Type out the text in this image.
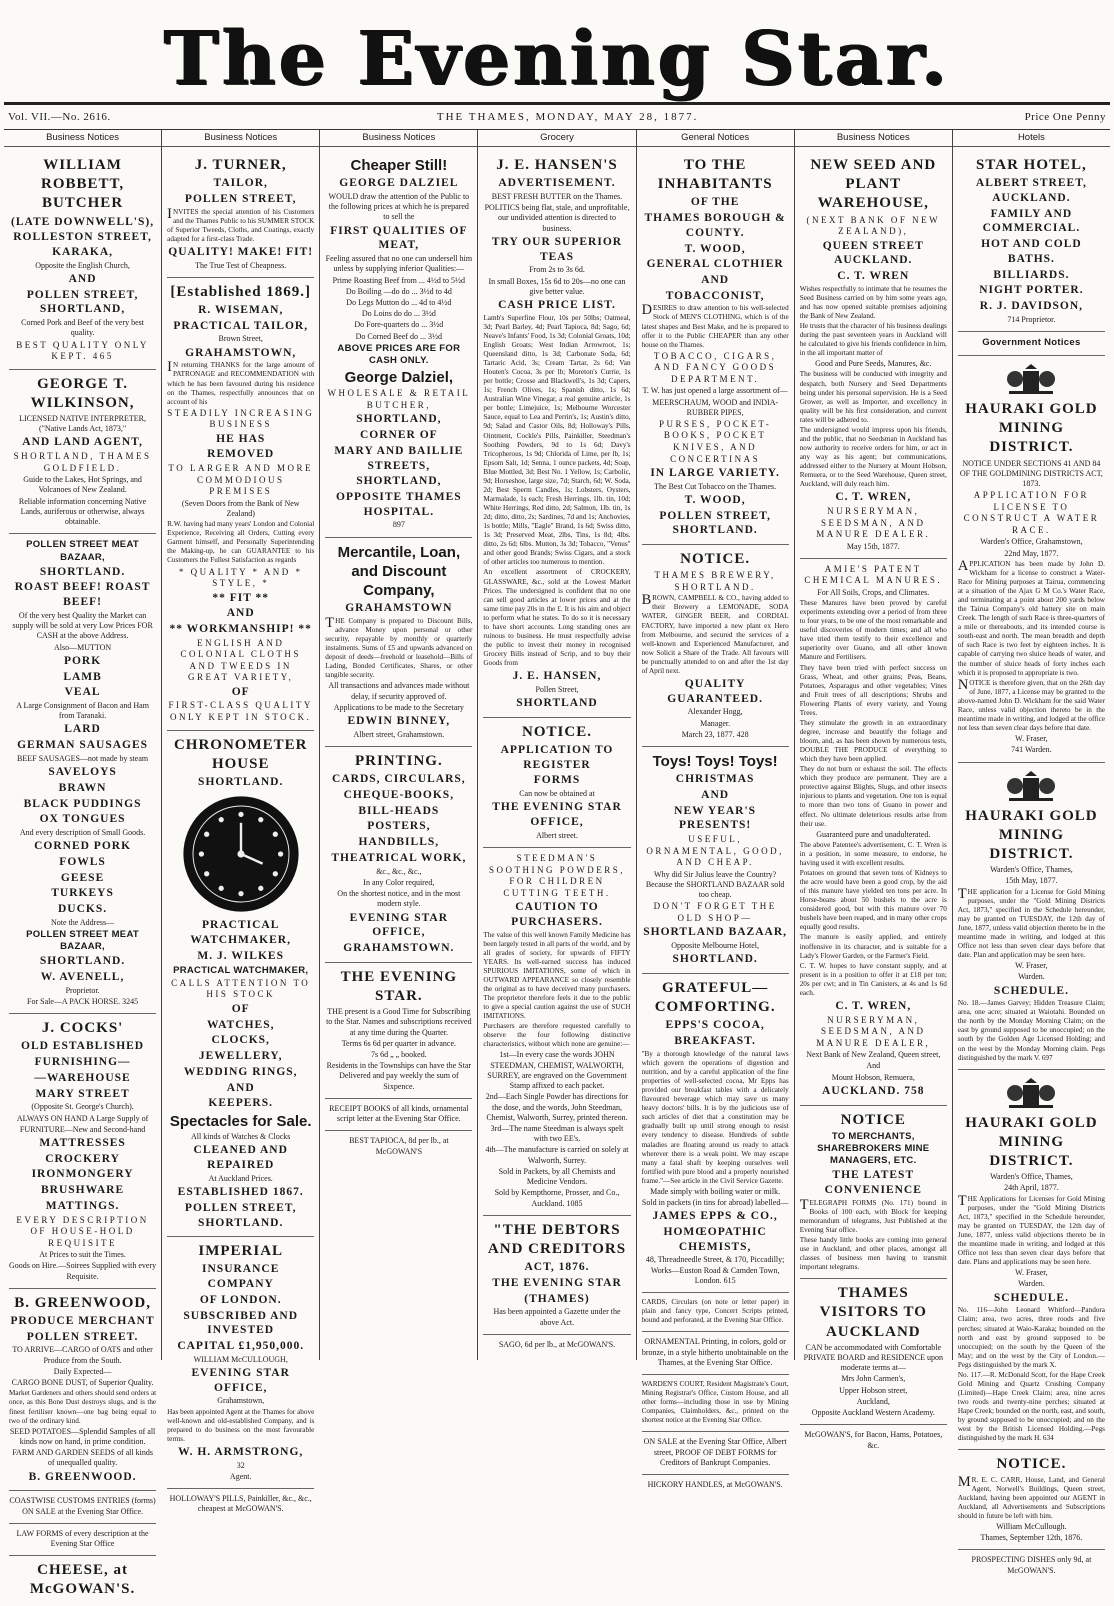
The Evening Star.
Vol. VII.—No. 2616.	THE THAMES, MONDAY, MAY 28, 1877.	Price One Penny
Business Notices

WILLIAM ROBBETT, BUTCHER

(LATE DOWNWELL'S),

ROLLESTON STREET, KARAKA,

Opposite the English Church,

AND

POLLEN STREET, SHORTLAND,

Corned Pork and Beef of the very best quality.

BEST QUALITY ONLY KEPT. 465

GEORGE T. WILKINSON,

LICENSED NATIVE INTERPRETER, ("Native Lands Act, 1873,"

AND LAND AGENT,

SHORTLAND, THAMES GOLDFIELD.

Guide to the Lakes, Hot Springs, and Volcanoes of New Zealand.

Reliable information concerning Native Lands, auriferous or otherwise, always obtainable.

POLLEN STREET MEAT BAZAAR,

SHORTLAND.

ROAST BEEF! ROAST BEEF!

Of the very best Quality the Market can supply will be sold at very Low Prices FOR CASH at the above Address.

Also—MUTTON

PORK

LAMB

VEAL

A Large Consignment of Bacon and Ham from Taranaki.

LARD

GERMAN SAUSAGES

BEEF SAUSAGES—not made by steam

SAVELOYS

BRAWN

BLACK PUDDINGS

OX TONGUES

And every description of Small Goods.

CORNED PORK

FOWLS

GEESE

TURKEYS

DUCKS.

Note the Address—

POLLEN STREET MEAT BAZAAR,

SHORTLAND.

W. AVENELL,

Proprietor.

For Sale—A PACK HORSE. 3245

J. COCKS'

OLD ESTABLISHED

FURNISHING—

—WAREHOUSE

MARY STREET

(Opposite St. George's Church).

ALWAYS ON HAND A Large Supply of

FURNITURE—New and Second-hand

MATTRESSES

CROCKERY

IRONMONGERY

BRUSHWARE

MATTINGS.

EVERY DESCRIPTION OF HOUSE-HOLD REQUISITE

At Prices to suit the Times.

Goods on Hire.—Soirees Supplied with every Requisite.

B. GREENWOOD,

PRODUCE MERCHANT

POLLEN STREET.

TO ARRIVE—CARGO of OATS and other Produce from the South.

Daily Expected—

CARGO BONE DUST, of Superior Quality.

Market Gardeners and others should send orders at once, as this Bone Dust destroys slugs, and is the finest fertiliser known—one bag being equal to two of the ordinary kind.

SEED POTATOES—Splendid Samples of all kinds now on hand, in prime condition.

FARM AND GARDEN SEEDS of all kinds of unequalled quality.

B. GREENWOOD.

COASTWISE CUSTOMS ENTRIES (forms) ON SALE at the Evening Star Office.

LAW FORMS of every description at the Evening Star Office

CHEESE, at McGOWAN'S.

Business Notices

J. TURNER,

TAILOR,

POLLEN STREET,

INVITES the special attention of his Customers and the Thames Public to his SUMMER STOCK of Superior Tweeds, Cloths, and Coatings, exactly adapted for a first-class Trade.

QUALITY! MAKE! FIT!

The True Test of Cheapness.

[Established 1869.]

R. WISEMAN,

PRACTICAL TAILOR,

Brown Street,

GRAHAMSTOWN,

IN returning THANKS for the large amount of PATRONAGE and RECOMMENDATION with which he has been favoured during his residence on the Thames, respectfully announces that on account of his

STEADILY INCREASING BUSINESS

HE HAS

REMOVED

TO LARGER AND MORE COMMODIOUS PREMISES

(Seven Doors from the Bank of New Zealand)

R.W. having had many years' London and Colonial Experience, Receiving all Orders, Cutting every Garment himself, and Personally Superintending the Making-up, he can GUARANTEE to his Customers the Fullest Satisfaction as regards

* QUALITY * AND * STYLE, *

** FIT **

AND

** WORKMANSHIP! **

ENGLISH AND COLONIAL CLOTHS AND TWEEDS IN GREAT VARIETY,

OF

FIRST-CLASS QUALITY ONLY KEPT IN STOCK.

CHRONOMETER HOUSE

SHORTLAND.

PRACTICAL

WATCHMAKER,

M. J. WILKES

PRACTICAL WATCHMAKER,

CALLS ATTENTION TO HIS STOCK

OF

WATCHES,

CLOCKS,

JEWELLERY,

WEDDING RINGS,

AND

KEEPERS.

Spectacles for Sale.

All kinds of Watches & Clocks

CLEANED AND REPAIRED

At Auckland Prices.

ESTABLISHED 1867.

POLLEN STREET, SHORTLAND.

IMPERIAL

INSURANCE COMPANY

OF LONDON.

SUBSCRIBED AND INVESTED

CAPITAL £1,950,000.

WILLIAM McCULLOUGH,

EVENING STAR OFFICE,

Grahamstown,

Has been appointed Agent at the Thames for above well-known and old-established Company, and is prepared to do business on the most favourable terms.

W. H. ARMSTRONG,

32

Agent.

HOLLOWAY'S PILLS, Painkiller, &c., &c., cheapest at McGOWAN'S.

Business Notices

Cheaper Still!

GEORGE DALZIEL

WOULD draw the attention of the Public to the following prices at which he is prepared to sell the

FIRST QUALITIES OF MEAT,

Feeling assured that no one can undersell him unless by supplying inferior Qualities:—

Prime Roasting Beef from ... 4½d to 5½d

Do Boiling —do do ... 3½d to 4d

Do Legs Mutton do ... 4d to 4½d

Do Loins do do ... 3½d

Do Fore-quarters do ... 3½d

Do Corned Beef do ... 3½d

ABOVE PRICES ARE FOR CASH ONLY.

George Dalziel,

WHOLESALE & RETAIL BUTCHER,

SHORTLAND,

CORNER OF

MARY AND BAILLIE STREETS,

SHORTLAND,

OPPOSITE THAMES HOSPITAL.

897

Mercantile, Loan, and Discount Company,

GRAHAMSTOWN

THE Company is prepared to Discount Bills, advance Money upon personal or other security, repayable by monthly or quarterly instalments. Sums of £5 and upwards advanced on deposit of deeds—freehold or leasehold—Bills of Lading, Bonded Certificates, Shares, or other tangible security.

All transactions and advances made without delay, if security approved of.

Applications to be made to the Secretary

EDWIN BINNEY,

Albert street, Grahamstown.

PRINTING.

CARDS, CIRCULARS,

CHEQUE-BOOKS,

BILL-HEADS

POSTERS,

HANDBILLS,

THEATRICAL WORK,

&c., &c., &c.,

In any Color required,

On the shortest notice, and in the most modern style.

EVENING STAR OFFICE,

GRAHAMSTOWN.

THE EVENING STAR.

THE present is a Good Time for Subscribing to the Star. Names and subscriptions received at any time during the Quarter.

Terms 6s 6d per quarter in advance.

7s 6d „ „ booked.

Residents in the Townships can have the Star Delivered and pay weekly the sum of Sixpence.

RECEIPT BOOKS of all kinds, ornamental script letter at the Evening Star Office.

BEST TAPIOCA, 8d per lb., at McGOWAN'S

Grocery

J. E. HANSEN'S

ADVERTISEMENT.

BEST FRESH BUTTER on the Thames.

POLITICS being flat, stale, and unprofitable, our undivided attention is directed to business.

TRY OUR SUPERIOR TEAS

From 2s to 3s 6d.

In small Boxes, 15s 6d to 20s—no one can give better value.

CASH PRICE LIST.

Lamb's Superfine Flour, 10s per 50lbs; Oatmeal, 3d; Pearl Barley, 4d; Pearl Tapioca, 8d; Sago, 6d; Neave's Infants' Food, 1s 3d; Colonial Groats, 10d; English Groats; West Indian Arrowroot, 1s; Queensland ditto, 1s 3d; Carbonate Soda, 6d; Tartaric Acid, 3s; Cream Tartar, 2s 6d; Van Houten's Cocoa, 3s per lb; Moreton's Currie, 1s per bottle; Crosse and Blackwell's, 1s 3d; Capers, 1s; French Olives, 1s; Spanish ditto, 1s 6d; Australian Wine Vinegar, a real genuine article, 1s per bottle; Limejuice, 1s; Melbourne Worcester Sauce, equal to Lea and Perrin's, 1s; Austin's ditto, 9d; Salad and Castor Oils, 8d; Holloway's Pills, Ointment, Cockle's Pills, Painkiller, Steedman's Soothing Powders, 9d to 1s 6d; Davy's Tricopherous, 1s 9d; Chlorida of Lime, per lb, 1s; Epsom Salt, 1d; Senna, 1 ounce packets, 4d; Soap, Blue Mottled, 3d; Best No. 1 Yellow, 1s; Carbolic, 9d; Horseshoe, large size, 7d; Starch, 6d; W. Soda, 2d; Best Sperm Candles, 1s; Lobsters, Oysters, Marmalade, 1s each; Fresh Herrings, 1lb. tin, 10d; White Herrings, Red ditto, 2d; Salmon, 1lb. tin, 1s 2d; ditto, ditto, 2s; Sardines, 7d and 1s; Anchovies, 1s bottle; Mills, "Eagle" Brand, 1s 6d; Swiss ditto, 1s 3d; Preserved Meat, 2lbs, Tins, 1s 8d; 4lbs. ditto, 2s 6d; 6lbs. Mutton, 3s 3d; Tobacco, "Venus" and other good Brands; Swiss Cigars, and a stock of other articles too numerous to mention.

An excellent assortment of CROCKERY, GLASSWARE, &c., sold at the Lowest Market Prices. The undersigned is confident that no one can sell good articles at lower prices and at the same time pay 20s in the £. It is his aim and object to perform what he states. To do so it is necessary to have short accounts. Long standing ones are ruinous to business. He must respectfully advise the public to invest their money in recognised Grocery Bills instead of Scrip, and to buy their Goods from

J. E. HANSEN,

Pollen Street,

SHORTLAND

NOTICE.

APPLICATION TO REGISTER

FORMS

Can now be obtained at

THE EVENING STAR OFFICE,

Albert street.

STEEDMAN'S SOOTHING POWDERS, FOR CHILDREN CUTTING TEETH.

CAUTION TO PURCHASERS.

The value of this well known Family Medicine has been largely tested in all parts of the world, and by all grades of society, for upwards of FIFTY YEARS. Its well-earned success has induced SPURIOUS IMITATIONS, some of which in OUTWARD APPEARANCE so closely resemble the original as to have deceived many purchasers. The proprietor therefore feels it due to the public to give a special caution against the use of SUCH IMITATIONS.

Purchasers are therefore requested carefully to observe the four following distinctive characteristics, without which none are genuine:—

1st—In every case the words JOHN STEEDMAN, CHEMIST, WALWORTH, SURREY, are engraved on the Government Stamp affixed to each packet.

2nd—Each Single Powder has directions for the dose, and the words, John Steedman, Chemist, Walworth, Surrey, printed thereon.

3rd—The name Steedman is always spelt with two EE's.

4th—The manufacture is carried on solely at Walworth, Surrey.

Sold in Packets, by all Chemists and Medicine Vendors.

Sold by Kempthorne, Prosser, and Co., Auckland. 1085

"THE DEBTORS AND CREDITORS

ACT, 1876.

THE EVENING STAR

(THAMES)

Has been appointed a Gazette under the above Act.

SAGO, 6d per lb., at McGOWAN'S.

General Notices

TO THE INHABITANTS

OF THE

THAMES BOROUGH & COUNTY.

T. WOOD,

GENERAL CLOTHIER

AND

TOBACCONIST,

DESIRES to draw attention to his well-selected Stock of MEN'S CLOTHING, which is of the latest shapes and Best Make, and he is prepared to offer it to the Public CHEAPER than any other house on the Thames.

TOBACCO, CIGARS, AND FANCY GOODS DEPARTMENT.

T. W. has just opened a large assortment of—

MEERSCHAUM, WOOD and INDIA-RUBBER PIPES,

PURSES, POCKET-BOOKS, POCKET KNIVES, AND CONCERTINAS

IN LARGE VARIETY.

The Best Cut Tobacco on the Thames.

T. WOOD,

POLLEN STREET, SHORTLAND.

NOTICE.

THAMES BREWERY, SHORTLAND.

BROWN, CAMPBELL & CO., having added to their Brewery a LEMONADE, SODA WATER, GINGER BEER, and CORDIAL FACTORY, have imported a new plant ex Hero from Melbourne, and secured the services of a well-known and Experienced Manufacturer, and now Solicit a Share of the Trade. All favours will be punctually attended to on and after the 1st day of April next.

QUALITY GUARANTEED.

Alexander Hogg,

Manager.

March 23, 1877. 428

Toys! Toys! Toys!

CHRISTMAS

AND

NEW YEAR'S PRESENTS!

USEFUL, ORNAMENTAL, GOOD, AND CHEAP.

Why did Sir Julius leave the Country? Because the SHORTLAND BAZAAR sold too cheap.

DON'T FORGET THE OLD SHOP—

SHORTLAND BAZAAR,

Opposite Melbourne Hotel,

SHORTLAND.

GRATEFUL—COMFORTING.

EPPS'S COCOA,

BREAKFAST.

"By a thorough knowledge of the natural laws which govern the operations of digestion and nutrition, and by a careful application of the fine properties of well-selected cocoa, Mr Epps has provided our breakfast tables with a delicately flavoured beverage which may save us many heavy doctors' bills. It is by the judicious use of such articles of diet that a constitution may be gradually built up until strong enough to resist every tendency to disease. Hundreds of subtle maladies are floating around us ready to attack wherever there is a weak point. We may escape many a fatal shaft by keeping ourselves well fortified with pure blood and a properly nourished frame."—See article in the Civil Service Gazette.

Made simply with boiling water or milk.

Sold in packets (in tins for abroad) labelled—

JAMES EPPS & CO.,

HOMŒOPATHIC CHEMISTS,

48, Threadneedle Street, & 170, Piccadilly; Works—Euston Road & Camden Town, London. 615

CARDS, Circulars (on note or letter paper) in plain and fancy type, Concert Scripts printed, bound and perforated, at the Evening Star Office.

ORNAMENTAL Printing, in colors, gold or bronze, in a style hitherto unobtainable on the Thames, at the Evening Star Office.

WARDEN'S COURT, Resident Magistrate's Court, Mining Registrar's Office, Custom House, and all other forms—including those in use by Mining Companies, Claimholders, &c., printed on the shortest notice at the Evening Star Office.

ON SALE at the Evening Star Office, Albert street, PROOF OF DEBT FORMS for Creditors of Bankrupt Companies.

HICKORY HANDLES, at McGOWAN'S.

Business Notices

NEW SEED AND PLANT WAREHOUSE,

(NEXT BANK OF NEW ZEALAND),

QUEEN STREET AUCKLAND.

C. T. WREN

Wishes respectfully to intimate that he resumes the Seed Business carried on by him some years ago, and has now opened suitable premises adjoining the Bank of New Zealand.

He trusts that the character of his business dealings during the past seventeen years in Auckland will be calculated to give his friends confidence in him, in the all important matter of

Good and Pure Seeds, Manures, &c.

The business will be conducted with integrity and despatch, both Nursery and Seed Departments being under his personal supervision. He is a Seed Grower, as well as Importer, and excellency in quality will be his first consideration, and current rates will be adhered to.

The undersigned would impress upon his friends, and the public, that no Seedsman in Auckland has now authority to receive orders for him, or act in any way as his agent; but communications, addressed either to the Nursery at Mount Hobson, Remuera, or to the Seed Warehouse, Queen street, Auckland, will duly reach him.

C. T. WREN,

NURSERYMAN, SEEDSMAN, AND MANURE DEALER.

May 15th, 1877.

AMIE'S PATENT CHEMICAL MANURES.

For All Soils, Crops, and Climates.

These Manures have been proved by careful experiments extending over a period of from three to four years, to be one of the most remarkable and useful discoveries of modern times; and all who have tried them testify to their excellence and superiority over Guano, and all other known Manure and Fertilisers.

They have been tried with perfect success on Grass, Wheat, and other grains; Peas, Beans, Potatoes, Asparagus and other vegetables; Vines and Fruit trees of all descriptions; Shrubs and Flowering Plants of every variety, and Young Trees.

They stimulate the growth in an extraordinary degree, increase and beautify the foliage and bloom, and, as has been shown by numerous tests, DOUBLE THE PRODUCE of everything to which they have been applied.

They do not burn or exhaust the soil. The effects which they produce are permanent. They are a protective against Blights, Slugs, and other insects injurious to plants and vegetation. One ton is equal to more than two tons of Guano in power and effect. No ultimate deleterious results arise from their use.

Guaranteed pure and unadulterated.

The above Patentee's advertisement, C. T. Wren is in a position, in some measure, to endorse, he having used it with excellent results.

Potatoes on ground that seven tons of Kidneys to the acre would have been a good crop, by the aid of this manure have yielded ten tons per acre. In Horse-beans about 50 bushels to the acre is considered good, but with this manure over 70 bushels have been reaped, and in many other crops equally good results.

The manure is easily applied, and entirely inoffensive in its character, and is suitable for a Lady's Flower Garden, or the Farmer's Field.

C. T. W. hopes to have constant supply, and at present is in a position to offer it at £18 per ton; 20s per cwt; and in Tin Canisters, at 4s and 1s 6d each.

C. T. WREN,

NURSERYMAN, SEEDSMAN, AND MANURE DEALER,

Next Bank of New Zealand, Queen street,

And

Mount Hobson, Remuera,

AUCKLAND. 758

NOTICE

TO MERCHANTS, SHAREBROKERS MINE MANAGERS, ETC.

THE LATEST CONVENIENCE

TELEGRAPH FORMS (No. 171) bound in Books of 100 each, with Block for keeping memorandum of telegrams, Just Published at the Evening Star office.

These handy little books are coming into general use in Auckland, and other places, amongst all classes of business men having to transmit important telegrams.

THAMES VISITORS TO AUCKLAND

CAN be accommodated with Comfortable PRIVATE BOARD and RESIDENCE upon moderate terms at—

Mrs John Carmen's,

Upper Hobson street,

Auckland,

Opposite Auckland Western Academy.

McGOWAN'S, for Bacon, Hams, Potatoes, &c.

Hotels

STAR HOTEL,

ALBERT STREET, AUCKLAND.

FAMILY AND COMMERCIAL.

HOT AND COLD BATHS.

BILLIARDS.

NIGHT PORTER.

R. J. DAVIDSON,

714 Proprietor.

Government Notices

HAURAKI GOLD MINING DISTRICT.

NOTICE UNDER SECTIONS 41 AND 84 OF THE GOLDMINING DISTRICTS ACT, 1873.

APPLICATION FOR LICENSE TO CONSTRUCT A WATER RACE.

Warden's Office, Grahamstown,

22nd May, 1877.

APPLICATION has been made by John D. Wickham for a license to construct a Water-Race for Mining purposes at Tairua, commencing at a situation of the Ajax G M Co.'s Water Race, and terminating at a point about 200 yards below the Tairua Company's old battery site on main Creek. The length of such Race is three-quarters of a mile or thereabouts, and its intended course is south-east and north. The mean breadth and depth of such Race is two feet by eighteen inches. It is capable of carrying two sluice heads of water, and the number of sluice heads of forty inches each which it is proposed to appropriate is two.

NOTICE is therefore given, that on the 26th day of June, 1877, a License may be granted to the above-named John D. Wickham for the said Water Race, unless valid objection thereto be in the meantime made in writing, and lodged at the office not less than seven clear days before that date.

W. Fraser,

741 Warden.

HAURAKI GOLD MINING DISTRICT.

Warden's Office, Thames,

15th May, 1877.

THE application for a License for Gold Mining purposes, under the "Gold Mining Districts Act, 1873," specified in the Schedule hereunder, may be granted on TUESDAY, the 12th day of June, 1877, unless valid objection thereto be in the meantime made in writing, and lodged at this Office not less than seven clear days before that date. Plan and application may be seen here.

W. Fraser,

Warden.

SCHEDULE.

No. 18.—James Garvey; Hidden Treasure Claim; area, one acre; situated at Waiotahi. Bounded on the north by the Monday Morning Claim; on the east by ground supposed to be unoccupied; on the south by the Golden Age Licensed Holding; and on the west by the Monday Morning claim. Pegs distinguished by the mark V. 697

HAURAKI GOLD MINING DISTRICT.

Warden's Office, Thames,

24th April, 1877.

THE Applications for Licenses for Gold Mining purposes, under the "Gold Mining Districts Act, 1873," specified in the Schedule hereunder, may be granted on TUESDAY, the 12th day of June, 1877, unless valid objections thereto be in the meantime made in writing, and lodged at this Office not less than seven clear days before that date. Plans and applications may be seen here.

W. Fraser,

Warden.

SCHEDULE.

No. 116—John Leonard Whitford—Pandora Claim; area, two acres, three roods and five perches; situated at Waio-Karaka; bounded on the north and east by ground supposed to be unoccupied; on the south by the Queen of the May; and on the west by the City of London.—Pegs distinguished by the mark X.

No. 117.—R. McDonald Scott, for the Hape Creek Gold Mining and Quartz Crushing Company (Limited)—Hape Creek Claim; area, nine acres two roods and twenty-nine perches; situated at Hape Creek; bounded on the north, east, and south, by ground supposed to be unoccupied; and on the west by the British Licensed Holding.—Pegs distinguished by the mark H. 634

NOTICE.

MR. E. C. CARR, House, Land, and General Agent, Norwell's Buildings, Queen street, Auckland, having been appointed our AGENT in Auckland, all Advertisements and Subscriptions should in future be left with him.

William McCullough.

Thames, September 12th, 1876.

PROSPECTING DISHES only 9d, at McGOWAN'S.
